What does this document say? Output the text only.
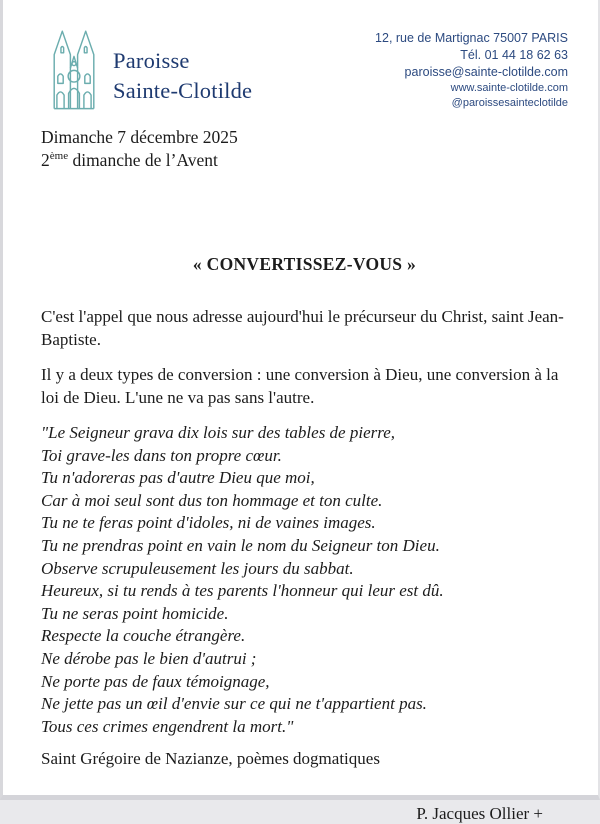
Paroisse
Sainte-Clotilde
12, rue de Martignac 75007 PARIS
Tél. 01 44 18 62 63
paroisse@sainte-clotilde.com
www.sainte-clotilde.com
@paroissesainteclotilde
Dimanche 7 décembre 2025
2ème dimanche de l’Avent
« CONVERTISSEZ-VOUS »

C'est l'appel que nous adresse aujourd'hui le précurseur du Christ, saint Jean-Baptiste.

Il y a deux types de conversion : une conversion à Dieu, une conversion à la loi de Dieu. L'une ne va pas sans l'autre.

"Le Seigneur grava dix lois sur des tables de pierre,
Toi grave-les dans ton propre cœur.
Tu n'adoreras pas d'autre Dieu que moi,
Car à moi seul sont dus ton hommage et ton culte.
Tu ne te feras point d'idoles, ni de vaines images.
Tu ne prendras point en vain le nom du Seigneur ton Dieu.
Observe scrupuleusement les jours du sabbat.
Heureux, si tu rends à tes parents l'honneur qui leur est dû.
Tu ne seras point homicide.
Respecte la couche étrangère.
Ne dérobe pas le bien d'autrui ;
Ne porte pas de faux témoignage,
Ne jette pas un œil d'envie sur ce qui ne t'appartient pas.
Tous ces crimes engendrent la mort."
Saint Grégoire de Nazianze, poèmes dogmatiques
P. Jacques Ollier +
